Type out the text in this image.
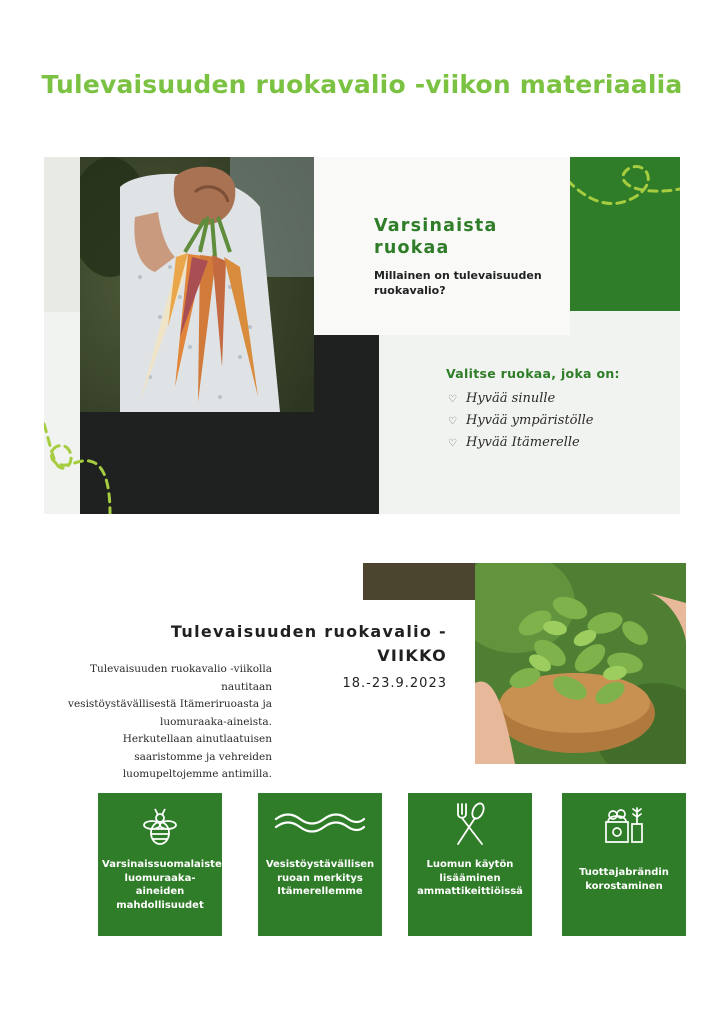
Tulevaisuuden ruokavalio -viikon materiaalia
Varsinaista ruokaa
Millainen on tulevaisuuden ruokavalio?
Valitse ruokaa, joka on:
♡ Hyvää sinulle
♡ Hyvää ympäristölle
♡ Hyvää Itämerelle
Tulevaisuuden ruokavalio - VIIKKO
18.-23.9.2023
Tulevaisuuden ruokavalio -viikolla
nautitaan
vesistöystävällisestä Itämeriruoasta ja
luomuraaka-aineista.
Herkutellaan ainutlaatuisen
saaristomme ja vehreiden
luomupeltojemme antimilla.
Varsinaissuomalaisten luomuraaka-aineiden mahdollisuudet
Vesistöystävällisen ruoan merkitys Itämerellemme
Luomun käytön lisääminen ammattikeittiöissä
Tuottajabrändin korostaminen
